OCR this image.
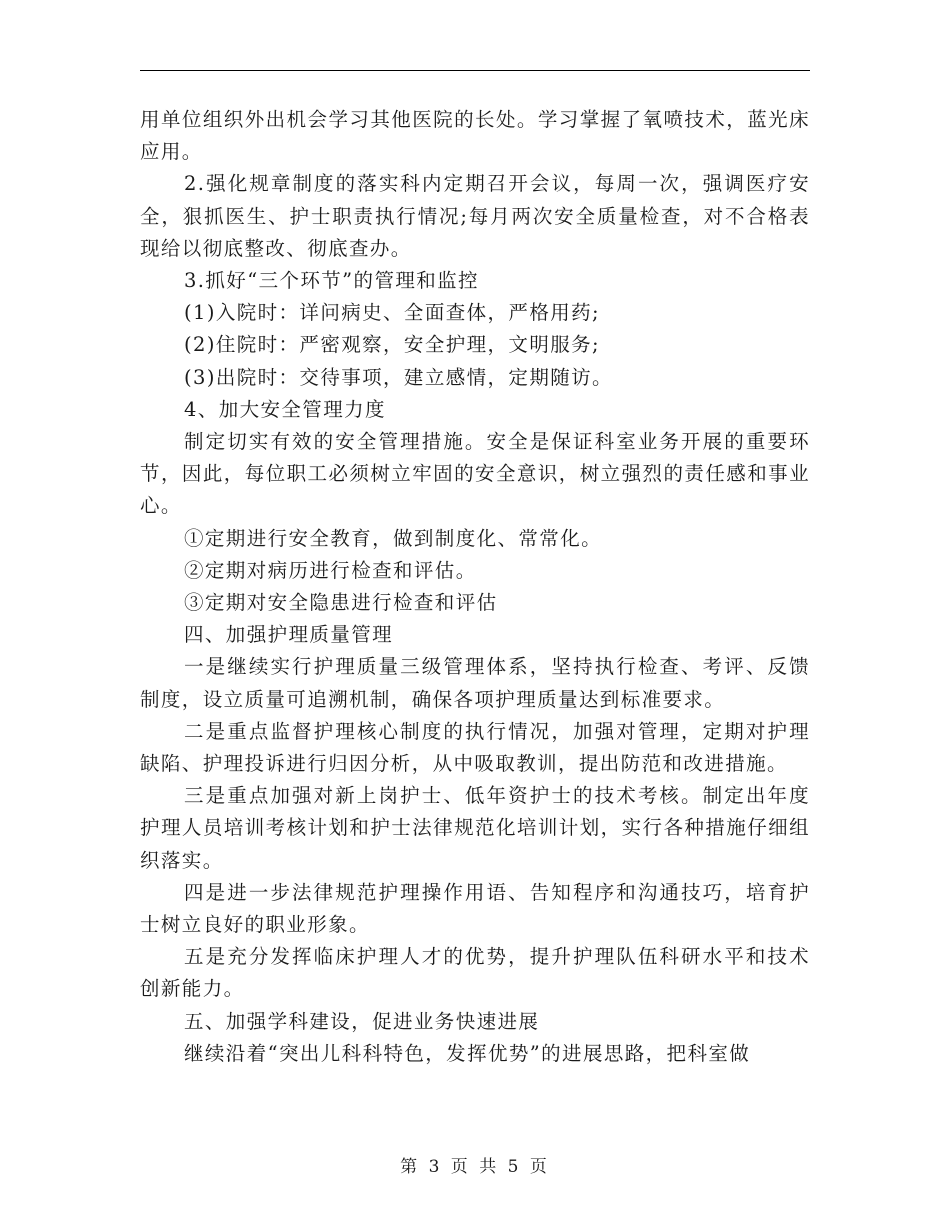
用单位组织外出机会学习其他医院的长处。学习掌握了氧喷技术，蓝光床应用。

2.强化规章制度的落实科内定期召开会议，每周一次，强调医疗安全，狠抓医生、护士职责执行情况;每月两次安全质量检查，对不合格表现给以彻底整改、彻底查办。

3.抓好“三个环节”的管理和监控

(1)入院时：详问病史、全面查体，严格用药;

(2)住院时：严密观察，安全护理，文明服务;

(3)出院时：交待事项，建立感情，定期随访。

4、加大安全管理力度

制定切实有效的安全管理措施。安全是保证科室业务开展的重要环节，因此，每位职工必须树立牢固的安全意识，树立强烈的责任感和事业心。

①定期进行安全教育，做到制度化、常常化。

②定期对病历进行检查和评估。

③定期对安全隐患进行检查和评估

四、加强护理质量管理

一是继续实行护理质量三级管理体系，坚持执行检查、考评、反馈制度，设立质量可追溯机制，确保各项护理质量达到标准要求。

二是重点监督护理核心制度的执行情况，加强对管理，定期对护理缺陷、护理投诉进行归因分析，从中吸取教训，提出防范和改进措施。

三是重点加强对新上岗护士、低年资护士的技术考核。制定出年度护理人员培训考核计划和护士法律规范化培训计划，实行各种措施仔细组织落实。

四是进一步法律规范护理操作用语、告知程序和沟通技巧，培育护士树立良好的职业形象。

五是充分发挥临床护理人才的优势，提升护理队伍科研水平和技术创新能力。

五、加强学科建设，促进业务快速进展

继续沿着“突出儿科科特色，发挥优势”的进展思路，把科室做

第 3 页 共 5 页
